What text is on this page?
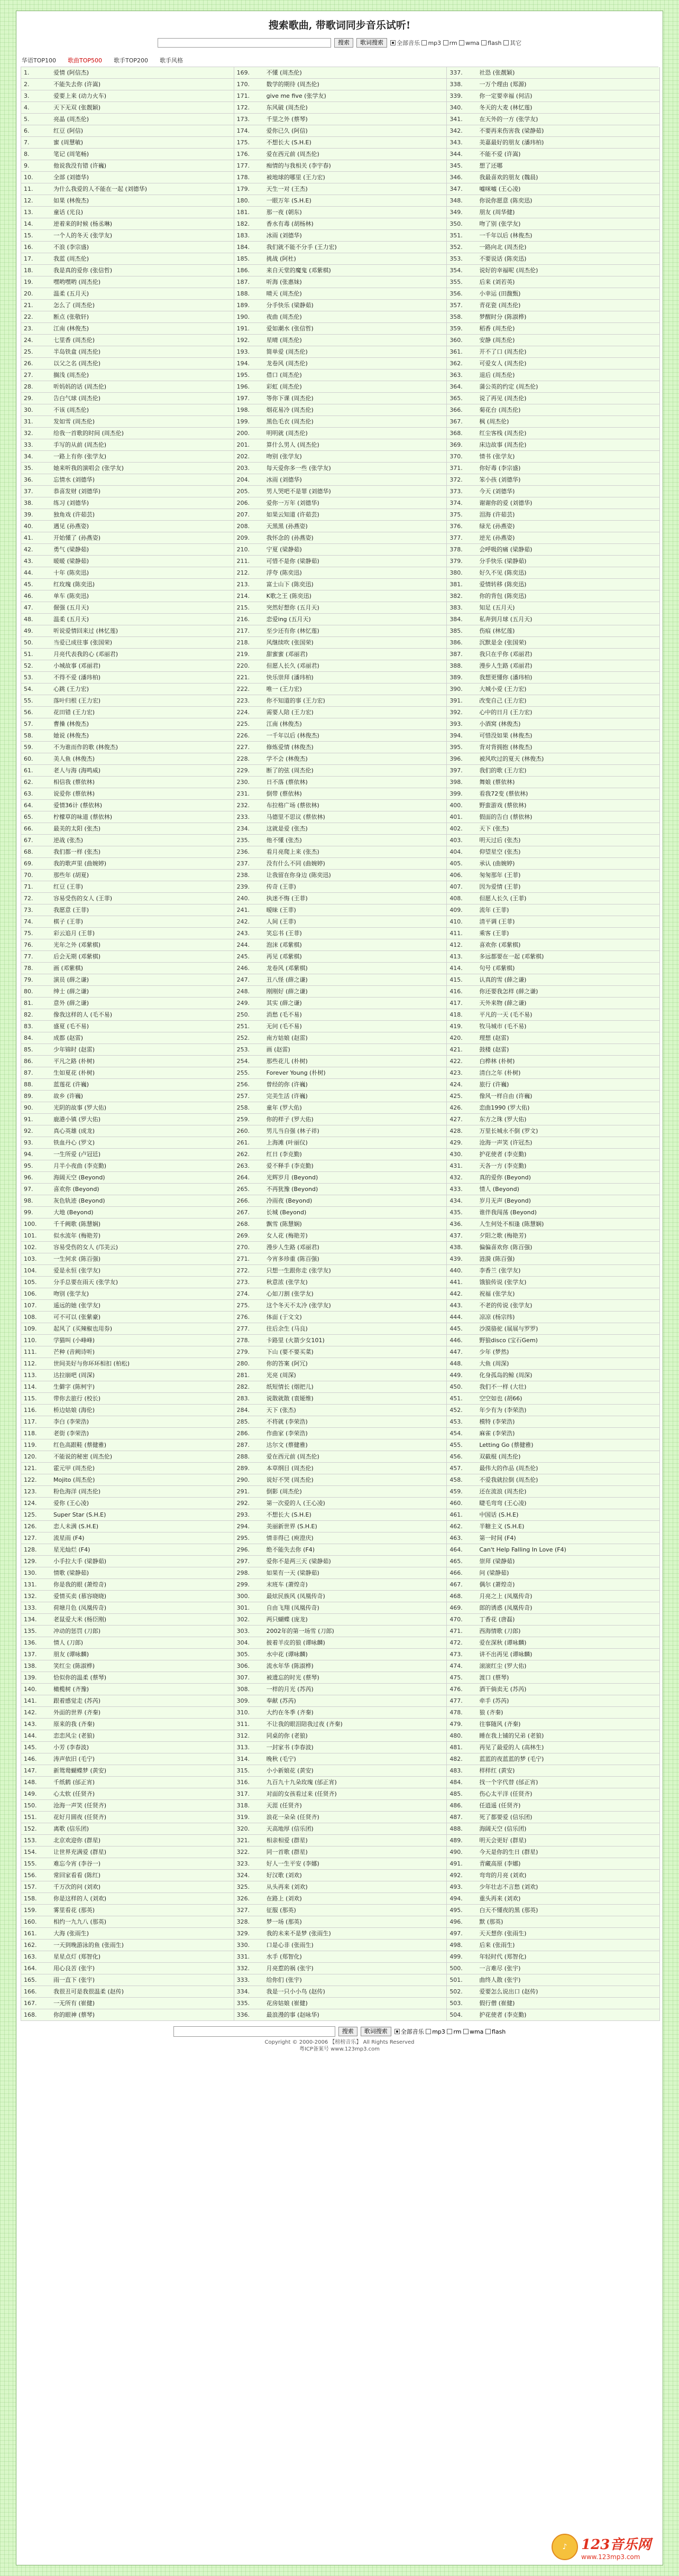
搜索歌曲, 带歌词同步音乐试听!
搜索	歌词搜索	全部音乐
mp3
rm
wma
flash
其它
华语TOP100 歌曲TOP500 歌手TOP200 歌手风格
1.	爱情 (阿信杰)	169.	不懂 (周杰伦)	337.	社恐 (张靓颖)
2.	不能失去你 (许嵩)	170.	数学的期待 (周杰伦)	338.	一万个理由 (郑源)
3.	爱要上来 (动力火车)	171.	give me five (张学友)	339.	你一定要幸福 (何洁)
4.	天下无双 (张靓颖)	172.	东风破 (周杰伦)	340.	冬天的大麦 (林忆莲)
5.	亮晶 (周杰伦)	173.	千里之外 (蔡琴)	341.	在天外的一方 (张学友)
6.	红豆 (阿信)	174.	爱你已久 (阿信)	342.	不要再来伤害我 (梁静茹)
7.	蜜 (周慧敏)	175.	不想长大 (S.H.E)	343.	美嘉最好的朋友 (潘玮柏)
8.	笔记 (周笔畅)	176.	爱在西元前 (周杰伦)	344.	不能不爱 (许嵩)
9.	他说我没有错 (许巍)	177.	痴情的与我相关 (李宇春)	345.	想了还哪
10.	全部 (刘德华)	178.	被地球的哪里 (王力宏)	346.	我最喜欢的朋友 (魏晨)
11.	为什么我爱的人不能在一起 (刘德华)	179.	天生一对 (王杰)	347.	嘘咪嘘 (王心凌)
12.	如果 (林俊杰)	180.	一眼万年 (S.H.E)	348.	你说你愿意 (陈奕迅)
13.	童话 (光良)	181.	那一夜 (朝东)	349.	朋友 (周华健)
14.	逆着来的时候 (杨丞琳)	182.	香水有毒 (胡杨林)	350.	吻了别 (张学友)
15.	一个人的冬天 (张学友)	183.	冰雨 (刘德华)	351.	一千年以后 (林俊杰)
16.	不浪 (李宗盛)	184.	我们就不能不分手 (王力宏)	352.	一路向北 (周杰伦)
17.	我蓝 (周杰伦)	185.	挑战 (阿杜)	353.	不要说话 (陈奕迅)
18.	我是真的爱你 (张信哲)	186.	来自天堂的魔鬼 (邓紫棋)	354.	说好的幸福呢 (周杰伦)
19.	嘿哟嘿哟 (周杰伦)	187.	听海 (张惠妹)	355.	后来 (刘若英)
20.	温柔 (五月天)	188.	晴天 (周杰伦)	356.	小幸运 (田馥甄)
21.	怎么了 (周杰伦)	189.	分手快乐 (梁静茹)	357.	青花瓷 (周杰伦)
22.	断点 (张敬轩)	190.	夜曲 (周杰伦)	358.	梦醒时分 (陈淑桦)
23.	江南 (林俊杰)	191.	爱如潮水 (张信哲)	359.	稻香 (周杰伦)
24.	七里香 (周杰伦)	192.	星晴 (周杰伦)	360.	安静 (周杰伦)
25.	半岛铁盒 (周杰伦)	193.	简单爱 (周杰伦)	361.	开不了口 (周杰伦)
26.	以父之名 (周杰伦)	194.	龙卷风 (周杰伦)	362.	可爱女人 (周杰伦)
27.	搁浅 (周杰伦)	195.	借口 (周杰伦)	363.	退后 (周杰伦)
28.	听妈妈的话 (周杰伦)	196.	彩虹 (周杰伦)	364.	蒲公英的约定 (周杰伦)
29.	告白气球 (周杰伦)	197.	等你下课 (周杰伦)	365.	说了再见 (周杰伦)
30.	不该 (周杰伦)	198.	烟花易冷 (周杰伦)	366.	菊花台 (周杰伦)
31.	发如雪 (周杰伦)	199.	黑色毛衣 (周杰伦)	367.	枫 (周杰伦)
32.	给我一首歌的时间 (周杰伦)	200.	明明就 (周杰伦)	368.	红尘客栈 (周杰伦)
33.	手写的从前 (周杰伦)	201.	算什么男人 (周杰伦)	369.	床边故事 (周杰伦)
34.	一路上有你 (张学友)	202.	吻别 (张学友)	370.	情书 (张学友)
35.	她来听我的演唱会 (张学友)	203.	每天爱你多一些 (张学友)	371.	你好毒 (李宗盛)
36.	忘情水 (刘德华)	204.	冰雨 (刘德华)	372.	笨小孩 (刘德华)
37.	恭喜发财 (刘德华)	205.	男人哭吧不是罪 (刘德华)	373.	今天 (刘德华)
38.	练习 (刘德华)	206.	爱你一万年 (刘德华)	374.	谢谢你的爱 (刘德华)
39.	独角戏 (许茹芸)	207.	如果云知道 (许茹芸)	375.	泪海 (许茹芸)
40.	遇见 (孙燕姿)	208.	天黑黑 (孙燕姿)	376.	绿光 (孙燕姿)
41.	开始懂了 (孙燕姿)	209.	我怀念的 (孙燕姿)	377.	逆光 (孙燕姿)
42.	勇气 (梁静茹)	210.	宁夏 (梁静茹)	378.	会呼吸的痛 (梁静茹)
43.	暖暖 (梁静茹)	211.	可惜不是你 (梁静茹)	379.	分手快乐 (梁静茹)
44.	十年 (陈奕迅)	212.	浮夸 (陈奕迅)	380.	好久不见 (陈奕迅)
45.	红玫瑰 (陈奕迅)	213.	富士山下 (陈奕迅)	381.	爱情转移 (陈奕迅)
46.	单车 (陈奕迅)	214.	K歌之王 (陈奕迅)	382.	你的背包 (陈奕迅)
47.	倔强 (五月天)	215.	突然好想你 (五月天)	383.	知足 (五月天)
48.	温柔 (五月天)	216.	恋爱ing (五月天)	384.	私奔到月球 (五月天)
49.	听说爱情回来过 (林忆莲)	217.	至少还有你 (林忆莲)	385.	伤痕 (林忆莲)
50.	当爱已成往事 (张国荣)	218.	风继续吹 (张国荣)	386.	沉默是金 (张国荣)
51.	月亮代表我的心 (邓丽君)	219.	甜蜜蜜 (邓丽君)	387.	我只在乎你 (邓丽君)
52.	小城故事 (邓丽君)	220.	但愿人长久 (邓丽君)	388.	漫步人生路 (邓丽君)
53.	不得不爱 (潘玮柏)	221.	快乐崇拜 (潘玮柏)	389.	我想更懂你 (潘玮柏)
54.	心跳 (王力宏)	222.	唯一 (王力宏)	390.	大城小爱 (王力宏)
55.	落叶归根 (王力宏)	223.	你不知道的事 (王力宏)	391.	改变自己 (王力宏)
56.	花田错 (王力宏)	224.	需要人陪 (王力宏)	392.	心中的日月 (王力宏)
57.	曹操 (林俊杰)	225.	江南 (林俊杰)	393.	小酒窝 (林俊杰)
58.	她说 (林俊杰)	226.	一千年以后 (林俊杰)	394.	可惜没如果 (林俊杰)
59.	不为谁而作的歌 (林俊杰)	227.	修炼爱情 (林俊杰)	395.	背对背拥抱 (林俊杰)
60.	美人鱼 (林俊杰)	228.	学不会 (林俊杰)	396.	被风吹过的夏天 (林俊杰)
61.	老人与海 (海鸣威)	229.	断了的弦 (周杰伦)	397.	我们的歌 (王力宏)
62.	相信我 (蔡依林)	230.	日不落 (蔡依林)	398.	舞娘 (蔡依林)
63.	说爱你 (蔡依林)	231.	倒带 (蔡依林)	399.	看我72变 (蔡依林)
64.	爱情36计 (蔡依林)	232.	布拉格广场 (蔡依林)	400.	野蛮游戏 (蔡依林)
65.	柠檬草的味道 (蔡依林)	233.	马德里不思议 (蔡依林)	401.	假面的告白 (蔡依林)
66.	最美的太阳 (张杰)	234.	这就是爱 (张杰)	402.	天下 (张杰)
67.	逆战 (张杰)	235.	他不懂 (张杰)	403.	明天过后 (张杰)
68.	我们都一样 (张杰)	236.	看月亮爬上来 (张杰)	404.	仰望星空 (张杰)
69.	我的歌声里 (曲婉婷)	237.	没有什么不同 (曲婉婷)	405.	承认 (曲婉婷)
70.	那些年 (胡夏)	238.	让我留在你身边 (陈奕迅)	406.	匆匆那年 (王菲)
71.	红豆 (王菲)	239.	传奇 (王菲)	407.	因为爱情 (王菲)
72.	容易受伤的女人 (王菲)	240.	执迷不悔 (王菲)	408.	但愿人长久 (王菲)
73.	我愿意 (王菲)	241.	暧昧 (王菲)	409.	流年 (王菲)
74.	棋子 (王菲)	242.	人间 (王菲)	410.	清平调 (王菲)
75.	彩云追月 (王菲)	243.	笑忘书 (王菲)	411.	乘客 (王菲)
76.	光年之外 (邓紫棋)	244.	泡沫 (邓紫棋)	412.	喜欢你 (邓紫棋)
77.	后会无期 (邓紫棋)	245.	再见 (邓紫棋)	413.	多远都要在一起 (邓紫棋)
78.	画 (邓紫棋)	246.	龙卷风 (邓紫棋)	414.	句号 (邓紫棋)
79.	演员 (薛之谦)	247.	丑八怪 (薛之谦)	415.	认真的雪 (薛之谦)
80.	绅士 (薛之谦)	248.	刚刚好 (薛之谦)	416.	你还要我怎样 (薛之谦)
81.	意外 (薛之谦)	249.	其实 (薛之谦)	417.	天外来物 (薛之谦)
82.	像我这样的人 (毛不易)	250.	消愁 (毛不易)	418.	平凡的一天 (毛不易)
83.	盛夏 (毛不易)	251.	无问 (毛不易)	419.	牧马城市 (毛不易)
84.	成都 (赵雷)	252.	南方姑娘 (赵雷)	420.	理想 (赵雷)
85.	少年锦时 (赵雷)	253.	画 (赵雷)	421.	鼓楼 (赵雷)
86.	平凡之路 (朴树)	254.	那些花儿 (朴树)	422.	白桦林 (朴树)
87.	生如夏花 (朴树)	255.	Forever Young (朴树)	423.	清白之年 (朴树)
88.	蓝莲花 (许巍)	256.	曾经的你 (许巍)	424.	旅行 (许巍)
89.	故乡 (许巍)	257.	完美生活 (许巍)	425.	像风一样自由 (许巍)
90.	光阴的故事 (罗大佑)	258.	童年 (罗大佑)	426.	恋曲1990 (罗大佑)
91.	鹿港小镇 (罗大佑)	259.	你的样子 (罗大佑)	427.	东方之珠 (罗大佑)
92.	真心英雄 (成龙)	260.	男儿当自强 (林子祥)	428.	万里长城永不倒 (罗文)
93.	铁血丹心 (罗文)	261.	上海滩 (叶丽仪)	429.	沧海一声笑 (许冠杰)
94.	一生所爱 (卢冠廷)	262.	红日 (李克勤)	430.	护花使者 (李克勤)
95.	月半小夜曲 (李克勤)	263.	爱不释手 (李克勤)	431.	天各一方 (李克勤)
96.	海阔天空 (Beyond)	264.	光辉岁月 (Beyond)	432.	真的爱你 (Beyond)
97.	喜欢你 (Beyond)	265.	不再犹豫 (Beyond)	433.	情人 (Beyond)
98.	灰色轨迹 (Beyond)	266.	冷雨夜 (Beyond)	434.	岁月无声 (Beyond)
99.	大地 (Beyond)	267.	长城 (Beyond)	435.	谁伴我闯荡 (Beyond)
100.	千千阙歌 (陈慧娴)	268.	飘雪 (陈慧娴)	436.	人生何处不相逢 (陈慧娴)
101.	似水流年 (梅艳芳)	269.	女人花 (梅艳芳)	437.	夕阳之歌 (梅艳芳)
102.	容易受伤的女人 (邝美云)	270.	漫步人生路 (邓丽君)	438.	偏偏喜欢你 (陈百强)
103.	一生何求 (陈百强)	271.	今宵多珍重 (陈百强)	439.	涟漪 (陈百强)
104.	爱是永恒 (张学友)	272.	只想一生跟你走 (张学友)	440.	李香兰 (张学友)
105.	分手总要在雨天 (张学友)	273.	秋意浓 (张学友)	441.	饿狼传说 (张学友)
106.	吻别 (张学友)	274.	心如刀割 (张学友)	442.	祝福 (张学友)
107.	遥远的她 (张学友)	275.	这个冬天不太冷 (张学友)	443.	不老的传说 (张学友)
108.	可不可以 (张紫豪)	276.	体面 (于文文)	444.	凉凉 (杨宗纬)
109.	起风了 (买辣椒也用券)	277.	往后余生 (马良)	445.	沙漠骆驼 (展展与罗罗)
110.	学猫叫 (小峰峰)	278.	卡路里 (火箭少女101)	446.	野狼disco (宝石Gem)
111.	芒种 (音阙诗听)	279.	下山 (要不要买菜)	447.	少年 (梦然)
112.	世间美好与你环环相扣 (柏松)	280.	你的答案 (阿冗)	448.	大鱼 (周深)
113.	达拉崩吧 (周深)	281.	光亮 (周深)	449.	化身孤岛的鲸 (周深)
114.	生僻字 (陈柯宇)	282.	纸短情长 (烟把儿)	450.	我们不一样 (大壮)
115.	带你去旅行 (校长)	283.	说散就散 (袁娅维)	451.	空空如也 (胡66)
116.	桥边姑娘 (海伦)	284.	天下 (张杰)	452.	年少有为 (李荣浩)
117.	李白 (李荣浩)	285.	不将就 (李荣浩)	453.	模特 (李荣浩)
118.	老街 (李荣浩)	286.	作曲家 (李荣浩)	454.	麻雀 (李荣浩)
119.	红色高跟鞋 (蔡健雅)	287.	达尔文 (蔡健雅)	455.	Letting Go (蔡健雅)
120.	不能说的秘密 (周杰伦)	288.	爱在西元前 (周杰伦)	456.	双截棍 (周杰伦)
121.	霍元甲 (周杰伦)	289.	本草纲目 (周杰伦)	457.	最伟大的作品 (周杰伦)
122.	Mojito (周杰伦)	290.	说好不哭 (周杰伦)	458.	不爱我就拉倒 (周杰伦)
123.	粉色海洋 (周杰伦)	291.	倒影 (周杰伦)	459.	还在流浪 (周杰伦)
124.	爱你 (王心凌)	292.	第一次爱的人 (王心凌)	460.	睫毛弯弯 (王心凌)
125.	Super Star (S.H.E)	293.	不想长大 (S.H.E)	461.	中国话 (S.H.E)
126.	恋人未满 (S.H.E)	294.	美丽新世界 (S.H.E)	462.	半糖主义 (S.H.E)
127.	流星雨 (F4)	295.	情非得已 (庾澄庆)	463.	第一时间 (F4)
128.	星光灿烂 (F4)	296.	绝不能失去你 (F4)	464.	Can't Help Falling In Love (F4)
129.	小手拉大手 (梁静茹)	297.	爱你不是两三天 (梁静茹)	465.	崇拜 (梁静茹)
130.	情歌 (梁静茹)	298.	如果有一天 (梁静茹)	466.	问 (梁静茹)
131.	你是我的眼 (萧煌奇)	299.	末班车 (萧煌奇)	467.	偶尔 (萧煌奇)
132.	爱情买卖 (慕容晓晓)	300.	最炫民族风 (凤凰传奇)	468.	月亮之上 (凤凰传奇)
133.	荷塘月色 (凤凰传奇)	301.	自由飞翔 (凤凰传奇)	469.	郎的诱惑 (凤凰传奇)
134.	老鼠爱大米 (杨臣刚)	302.	两只蝴蝶 (庞龙)	470.	丁香花 (唐磊)
135.	冲动的惩罚 (刀郎)	303.	2002年的第一场雪 (刀郎)	471.	西海情歌 (刀郎)
136.	情人 (刀郎)	304.	披着羊皮的狼 (谭咏麟)	472.	爱在深秋 (谭咏麟)
137.	朋友 (谭咏麟)	305.	水中花 (谭咏麟)	473.	讲不出再见 (谭咏麟)
138.	笑红尘 (陈淑桦)	306.	流水年华 (陈淑桦)	474.	滚滚红尘 (罗大佑)
139.	恰似你的温柔 (蔡琴)	307.	被遗忘的时光 (蔡琴)	475.	渡口 (蔡琴)
140.	橄榄树 (齐豫)	308.	一样的月光 (苏芮)	476.	酒干倘卖无 (苏芮)
141.	跟着感觉走 (苏芮)	309.	奉献 (苏芮)	477.	牵手 (苏芮)
142.	外面的世界 (齐秦)	310.	大约在冬季 (齐秦)	478.	狼 (齐秦)
143.	原来的我 (齐秦)	311.	不让我的眼泪陪我过夜 (齐秦)	479.	往事随风 (齐秦)
144.	恋恋风尘 (老狼)	312.	同桌的你 (老狼)	480.	睡在我上铺的兄弟 (老狼)
145.	小芳 (李春波)	313.	一封家书 (李春波)	481.	再见了最爱的人 (高林生)
146.	涛声依旧 (毛宁)	314.	晚秋 (毛宁)	482.	蓝蓝的夜蓝蓝的梦 (毛宁)
147.	新鸳鸯蝴蝶梦 (黄安)	315.	小小新娘花 (黄安)	483.	样样红 (黄安)
148.	千纸鹤 (邰正宵)	316.	九百九十九朵玫瑰 (邰正宵)	484.	找一个字代替 (邰正宵)
149.	心太软 (任贤齐)	317.	对面的女孩看过来 (任贤齐)	485.	伤心太平洋 (任贤齐)
150.	沧海一声笑 (任贤齐)	318.	天涯 (任贤齐)	486.	任逍遥 (任贤齐)
151.	花好月圆夜 (任贤齐)	319.	浪花一朵朵 (任贤齐)	487.	死了都要爱 (信乐团)
152.	离歌 (信乐团)	320.	天高地厚 (信乐团)	488.	海阔天空 (信乐团)
153.	北京欢迎你 (群星)	321.	相亲相爱 (群星)	489.	明天会更好 (群星)
154.	让世界充满爱 (群星)	322.	同一首歌 (群星)	490.	今天是你的生日 (群星)
155.	难忘今宵 (李谷一)	323.	好人一生平安 (李娜)	491.	青藏高原 (李娜)
156.	常回家看看 (陈红)	324.	好汉歌 (刘欢)	492.	弯弯的月亮 (刘欢)
157.	千万次的问 (刘欢)	325.	从头再来 (刘欢)	493.	少年壮志不言愁 (刘欢)
158.	你是这样的人 (刘欢)	326.	在路上 (刘欢)	494.	重头再来 (刘欢)
159.	雾里看花 (那英)	327.	征服 (那英)	495.	白天不懂夜的黑 (那英)
160.	相约一九九八 (那英)	328.	梦一场 (那英)	496.	默 (那英)
161.	大海 (张雨生)	329.	我的未来不是梦 (张雨生)	497.	天天想你 (张雨生)
162.	一天到晚游泳的鱼 (张雨生)	330.	口是心非 (张雨生)	498.	后来 (张雨生)
163.	星星点灯 (郑智化)	331.	水手 (郑智化)	499.	年轻时代 (郑智化)
164.	用心良苦 (张宇)	332.	月亮惹的祸 (张宇)	500.	一言难尽 (张宇)
165.	雨一直下 (张宇)	333.	给你们 (张宇)	501.	曲终人散 (张宇)
166.	我很丑可是我很温柔 (赵传)	334.	我是一只小小鸟 (赵传)	502.	爱要怎么说出口 (赵传)
167.	一无所有 (崔健)	335.	花房姑娘 (崔健)	503.	假行僧 (崔健)
168.	你的眼神 (蔡琴)	336.	最浪漫的事 (赵咏华)	504.	护花使者 (李克勤)
搜索	歌词搜索	全部音乐
mp3
rm
wma
flash
Copyright © 2000-2006 【榜榜音乐】 All Rights Reserved
粤ICP备案号 www.123mp3.com
♪	123音乐网
www.123mp3.com
